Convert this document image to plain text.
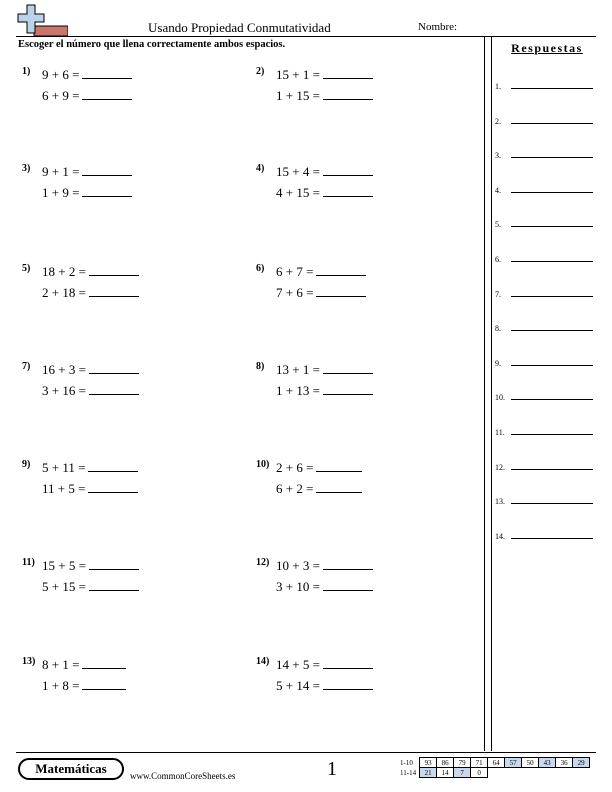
Usando Propiedad Conmutatividad	Nombre:
Escoger el número que llena correctamente ambos espacios.
1) 9 + 6 =
6 + 9 =
2) 15 + 1 =
1 + 15 =
3) 9 + 1 =
1 + 9 =
4) 15 + 4 =
4 + 15 =
5) 18 + 2 =
2 + 18 =
6) 6 + 7 =
7 + 6 =
7) 16 + 3 =
3 + 16 =
8) 13 + 1 =
1 + 13 =
9) 5 + 11 =
11 + 5 =
10) 2 + 6 =
6 + 2 =
11) 15 + 5 =
5 + 15 =
12) 10 + 3 =
3 + 10 =
13) 8 + 1 =
1 + 8 =
14) 14 + 5 =
5 + 14 =
Respuestas
1.
2.
3.
4.
5.
6.
7.
8.
9.
10.
11.
12.
13.
14.
Matemáticas	www.CommonCoreSheets.es	1	1-10	93	86	79	71	64	57	50	43	36	29
11-14	21	14	7	0						
